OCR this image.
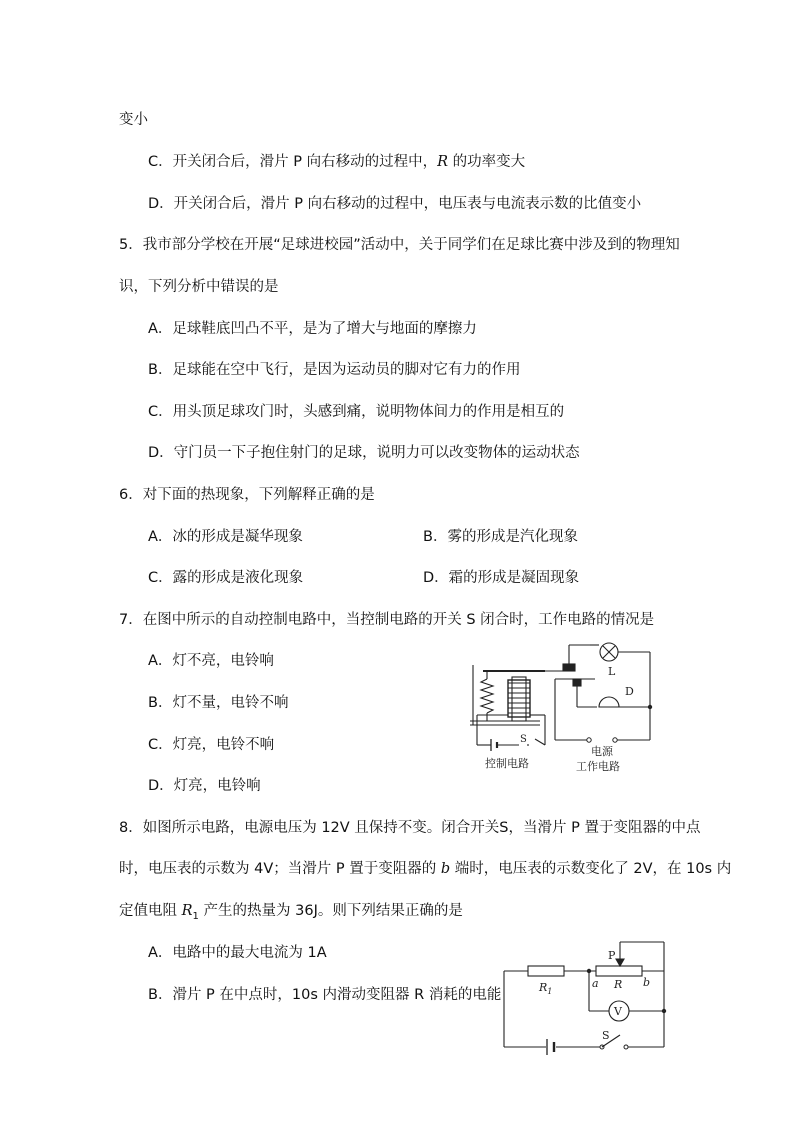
变小
C．开关闭合后，滑片 P 向右移动的过程中，R 的功率变大
D．开关闭合后，滑片 P 向右移动的过程中，电压表与电流表示数的比值变小
5．我市部分学校在开展“足球进校园”活动中，关于同学们在足球比赛中涉及到的物理知
识，下列分析中错误的是
A．足球鞋底凹凸不平，是为了增大与地面的摩擦力
B．足球能在空中飞行，是因为运动员的脚对它有力的作用
C．用头顶足球攻门时，头感到痛，说明物体间力的作用是相互的
D．守门员一下子抱住射门的足球，说明力可以改变物体的运动状态
6．对下面的热现象，下列解释正确的是
A．冰的形成是凝华现象	B．雾的形成是汽化现象
C．露的形成是液化现象	D．霜的形成是凝固现象
7．在图中所示的自动控制电路中，当控制电路的开关 S 闭合时，工作电路的情况是
A．灯不亮，电铃响
B．灯不量，电铃不响
C．灯亮，电铃不响
D．灯亮，电铃响
L
D
S
电源
控制电路	工作电路
8．如图所示电路，电源电压为 12V 且保持不变。闭合开关S，当滑片 P 置于变阻器的中点
时，电压表的示数为 4V；当滑片 P 置于变阻器的 b 端时，电压表的示数变化了 2V，在 10s 内
定值电阻 $R_1$ 产生的热量为 36J。则下列结果正确的是
A．电路中的最大电流为 1A
B．滑片 P 在中点时，10s 内滑动变阻器 R 消耗的电能
P
$R_1$
a R b
V
S
